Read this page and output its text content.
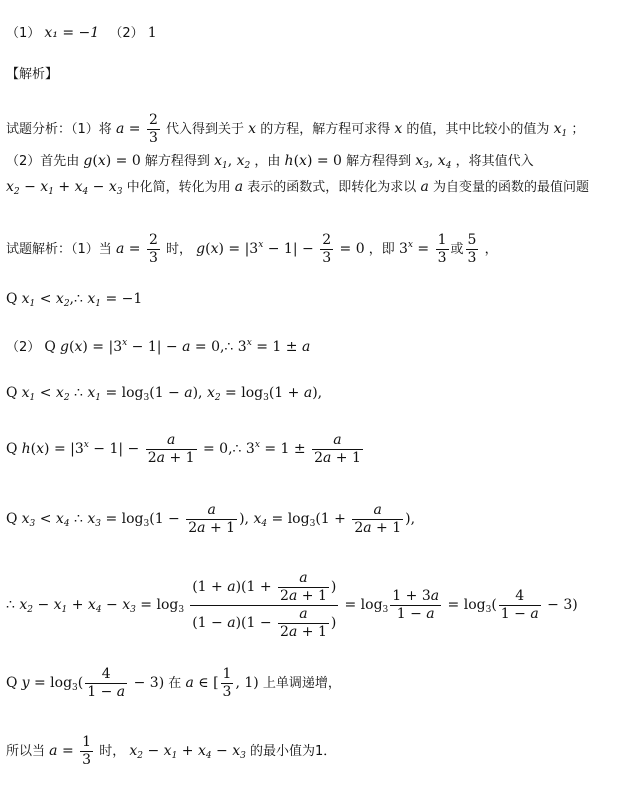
（1） x₁ = −1 （2） 1
【解析】
试题分析：（1）将 $a = \frac{2}{3}$ 代入得到关于 x 的方程，解方程可求得 x 的值，其中比较小的值为 $x_1$ ；
（2）首先由 g(x) = 0 解方程得到 $x_1$, $x_2$ ，由 h(x) = 0 解方程得到 $x_3$, $x_4$ ，将其值代入
$x_2 - x_1 + x_4 - x_3$ 中化简，转化为用 a 表示的函数式，即转化为求以 a 为自变量的函数的最值问题
试题解析：（1）当 $a = \frac{2}{3}$ 时， $g(x) = |3^x - 1| - \frac{2}{3} = 0$ ，即 $3^x = \frac{1}{3}$ 或 $\frac{5}{3}$ ，
Q $x_1$ < $x_2,\therefore$ $x_1 = -1$
（2） Q $g(x) = |3^x - 1| - a$ = 0,∴ $3^x = 1 \pm a$
Q $x_1 < x_2$ ∴ $x_1 = \log_3(1 - a)$, $x_2 = \log_3(1 + a)$,
Q $h(x) = |3^x - 1| - \frac{a}{2a + 1}$ = 0,∴ $3^x = 1 \pm \frac{a}{2a + 1}$
Q $x_3 < x_4$ ∴ $x_3 = \log_3(1 - \frac{a}{2a + 1}$ ), $x_4 = \log_3(1 + \frac{a}{2a + 1}$ ),
∴ $x_2 - x_1 + x_4 - x_3 = \log_3 \frac{(1 + a)(1 + \frac{a}{2a + 1} )}{(1 - a)(1 - \frac{a}{2a + 1} )} = \log_3 \frac{1 + 3a}{1 - a} = \log_3( \frac{4}{1 - a} - 3)$
Q $y = \log_3( \frac{4}{1 - a} - 3)$ 在 a ∈ [ $\frac{1}{3}$ , 1) 上单调递增，
所以当 $a = \frac{1}{3}$ 时， $x_2 - x_1 + x_4 - x_3$ 的最小值为1．
